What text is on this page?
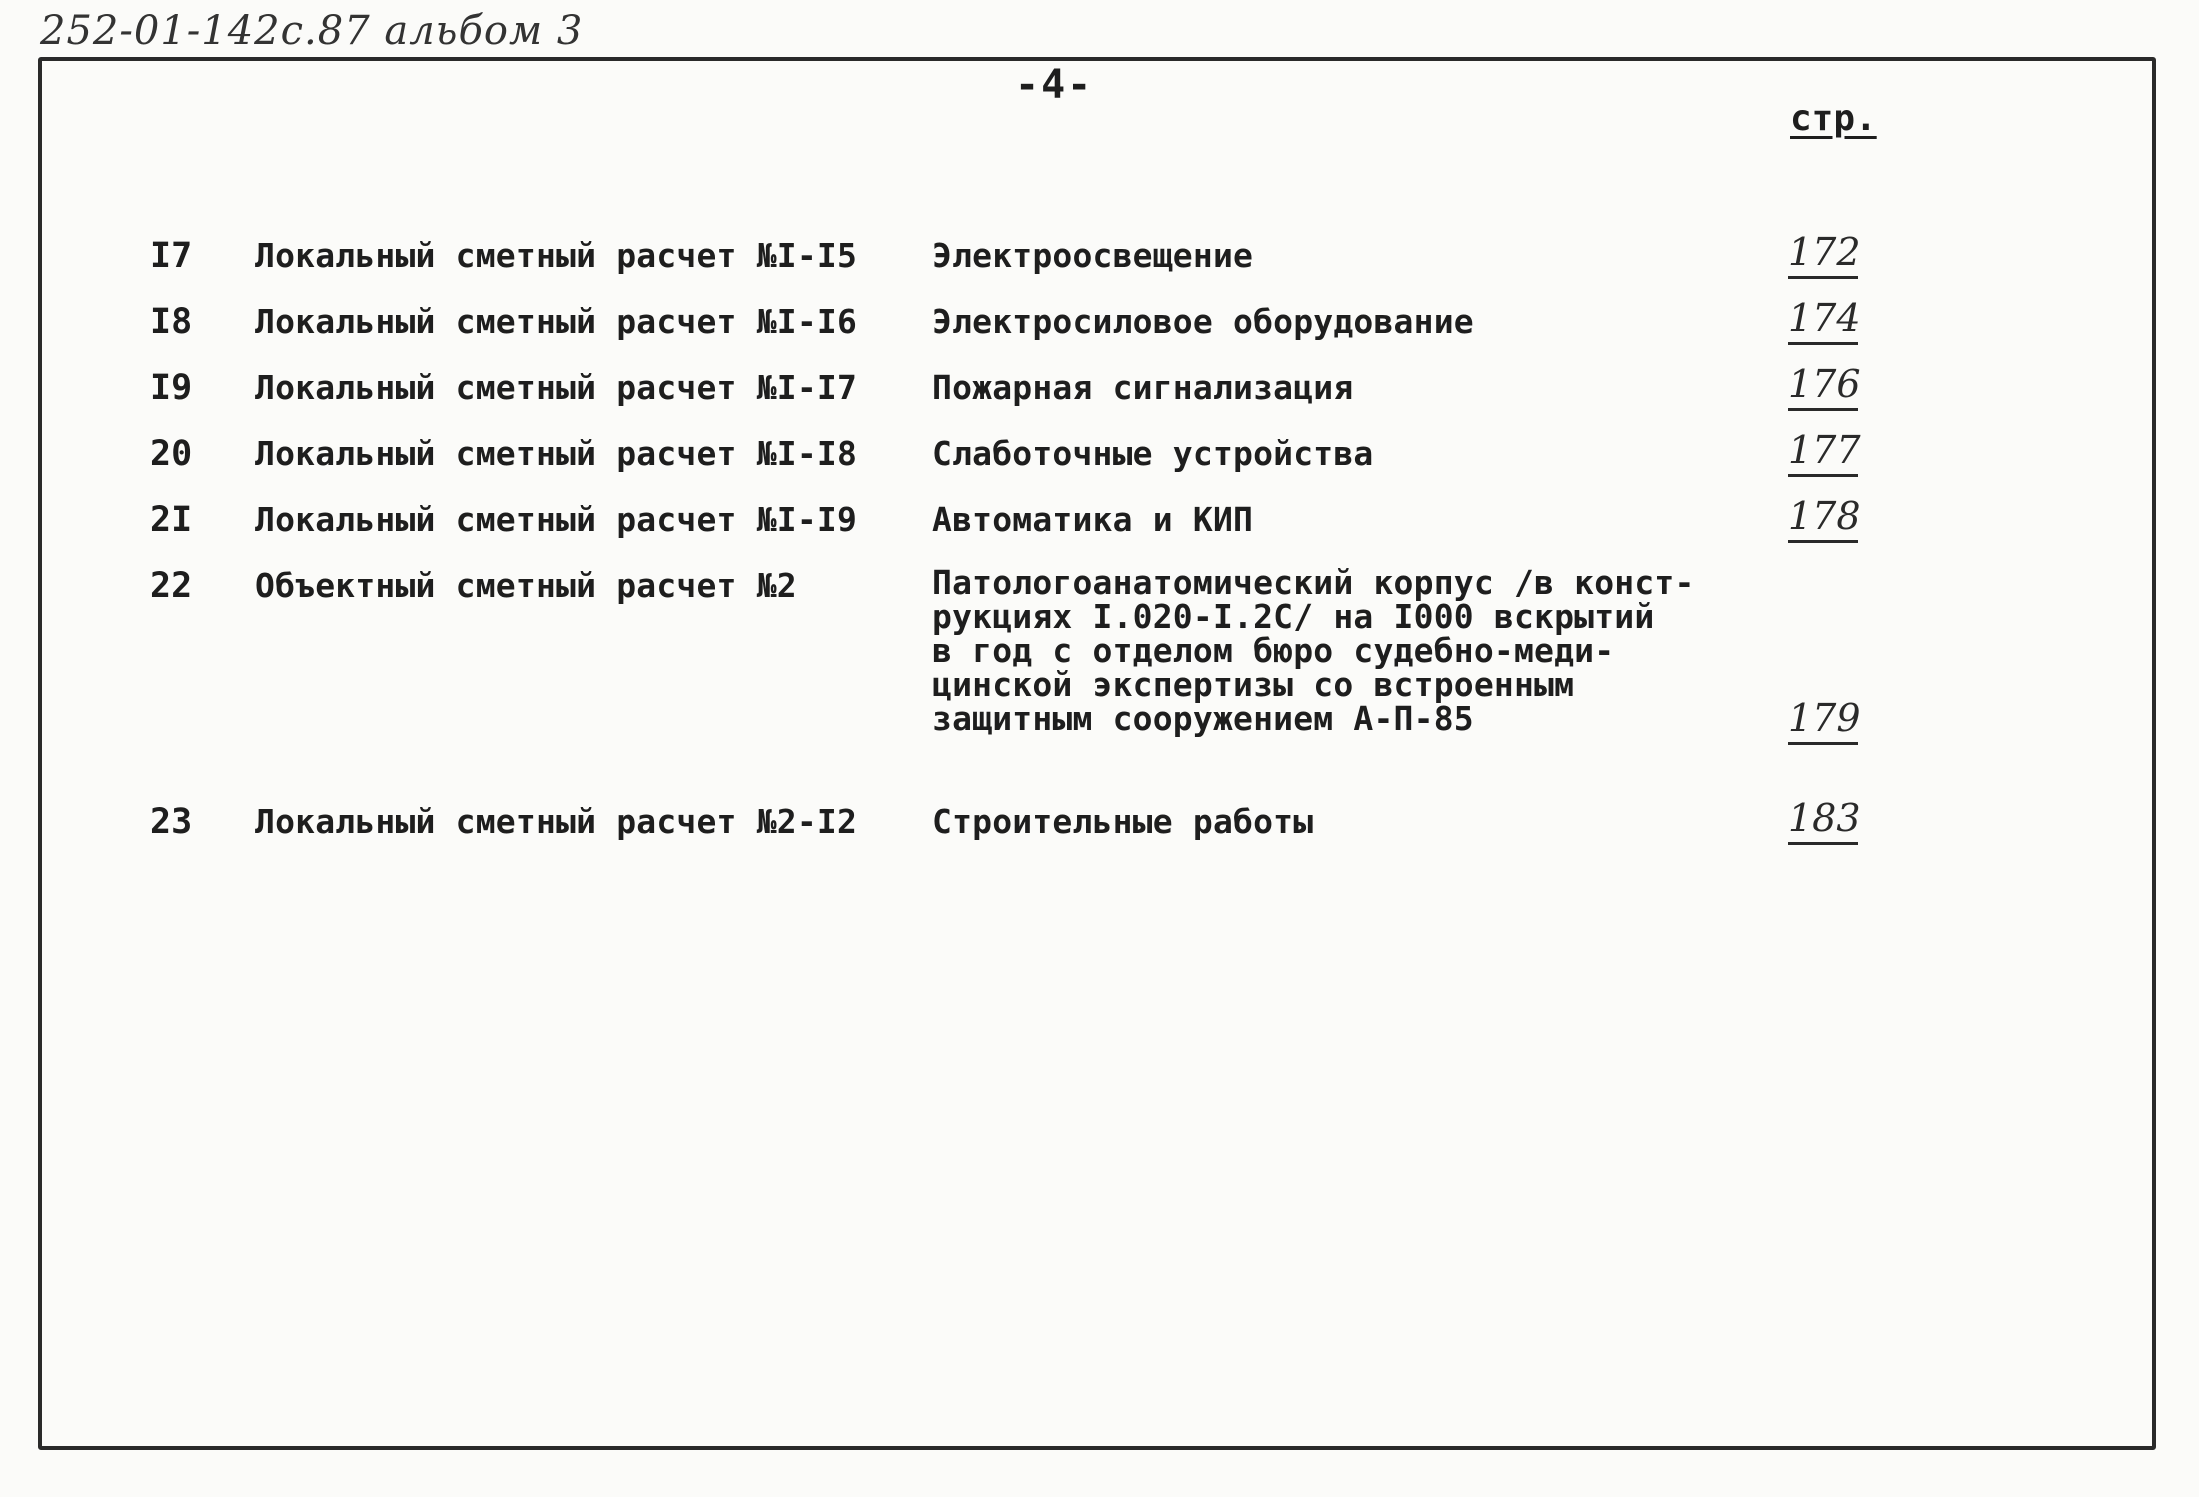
252-01-142с.87 альбом 3
-4-
стр.
I7 Локальный сметный расчет №I-I5 Электроосвещение	172
I8 Локальный сметный расчет №I-I6 Электросиловое оборудование	174
I9 Локальный сметный расчет №I-I7 Пожарная сигнализация	176
20 Локальный сметный расчет №I-I8 Слаботочные устройства	177
2I Локальный сметный расчет №I-I9 Автоматика и КИП	178
22 Объектный сметный расчет №2	Патологоанатомический корпус /в конст-
рукциях I.020-I.2С/ на I000 вскрытий
в год с отделом бюро судебно-меди-
цинской экспертизы со встроенным
защитным сооружением А-П-85	179
23 Локальный сметный расчет №2-I2 Строительные работы	183
